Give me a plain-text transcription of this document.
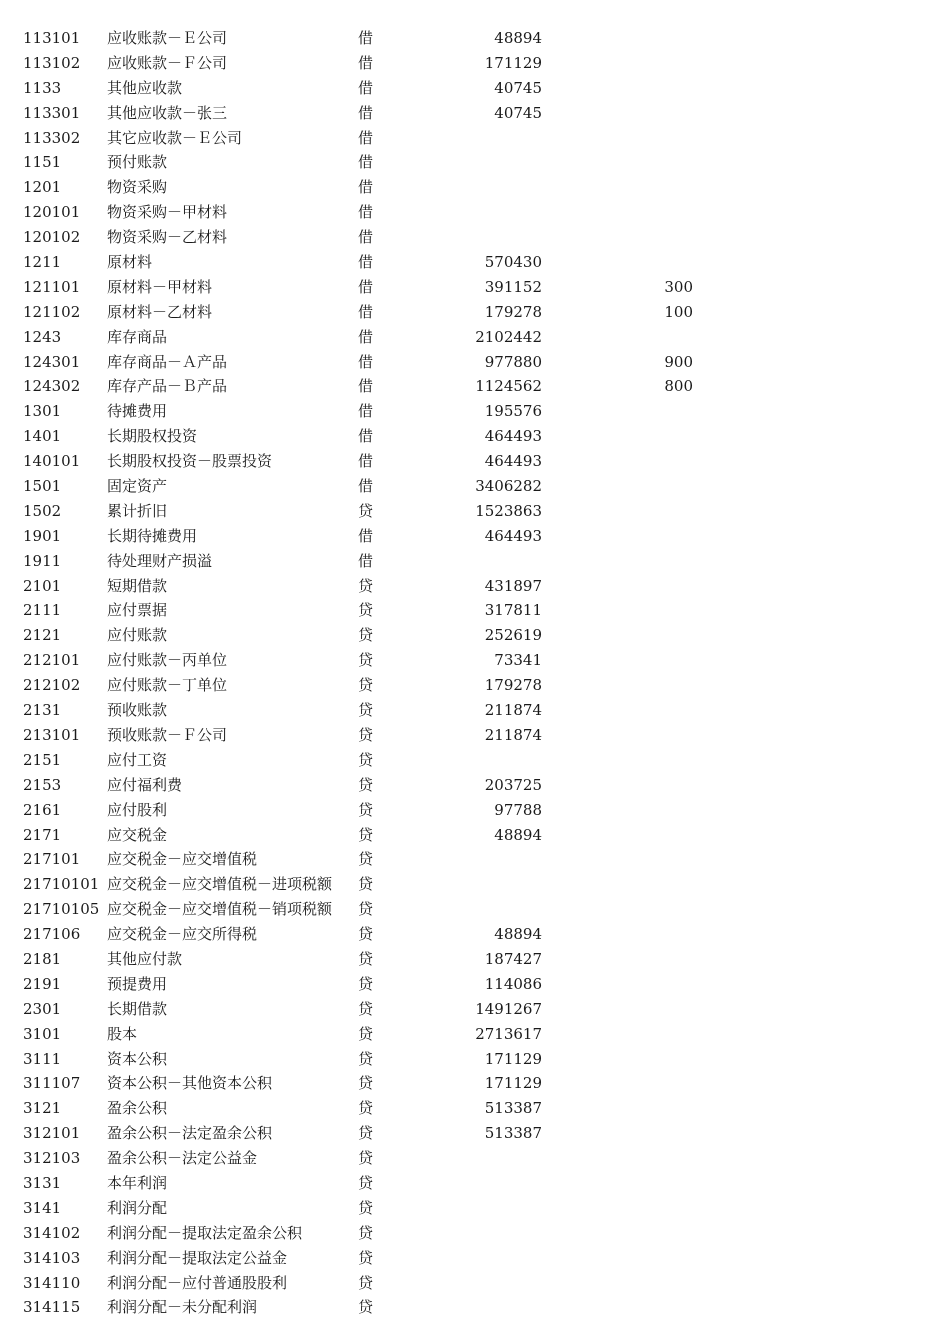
113101 应收账款－Ｅ公司	借	48894
113102 应收账款－Ｆ公司	借	171129
1133	其他应收款	借	40745
113301 其他应收款－张三	借	40745
113302 其它应收款－Ｅ公司	借
1151	预付账款	借
1201	物资采购	借
120101 物资采购－甲材料	借
120102 物资采购－乙材料	借
1211	原材料	借	570430
121101 原材料－甲材料	借	391152	300
121102 原材料－乙材料	借	179278	100
1243	库存商品	借	2102442
124301 库存商品－Ａ产品	借	977880	900
124302 库存产品－Ｂ产品	借	1124562	800
1301	待摊费用	借	195576
1401	长期股权投资	借	464493
140101 长期股权投资－股票投资	借	464493
1501	固定资产	借	3406282
1502	累计折旧	贷	1523863
1901	长期待摊费用	借	464493
1911	待处理财产损溢	借
2101	短期借款	贷	431897
2111	应付票据	贷	317811
2121	应付账款	贷	252619
212101 应付账款－丙单位	贷	73341
212102 应付账款－丁单位	贷	179278
2131	预收账款	贷	211874
213101 预收账款－Ｆ公司	贷	211874
2151	应付工资	贷
2153	应付福利费	贷	203725
2161	应付股利	贷	97788
2171	应交税金	贷	48894
217101 应交税金－应交增值税	贷
21710101 应交税金－应交增值税－进项税额 贷
21710105 应交税金－应交增值税－销项税额 贷
217106 应交税金－应交所得税	贷	48894
2181	其他应付款	贷	187427
2191	预提费用	贷	114086
2301	长期借款	贷	1491267
3101	股本	贷	2713617
3111	资本公积	贷	171129
311107 资本公积－其他资本公积	贷	171129
3121	盈余公积	贷	513387
312101 盈余公积－法定盈余公积	贷	513387
312103 盈余公积－法定公益金	贷
3131	本年利润	贷
3141	利润分配	贷
314102 利润分配－提取法定盈余公积	贷
314103 利润分配－提取法定公益金	贷
314110 利润分配－应付普通股股利	贷
314115 利润分配－未分配利润	贷
